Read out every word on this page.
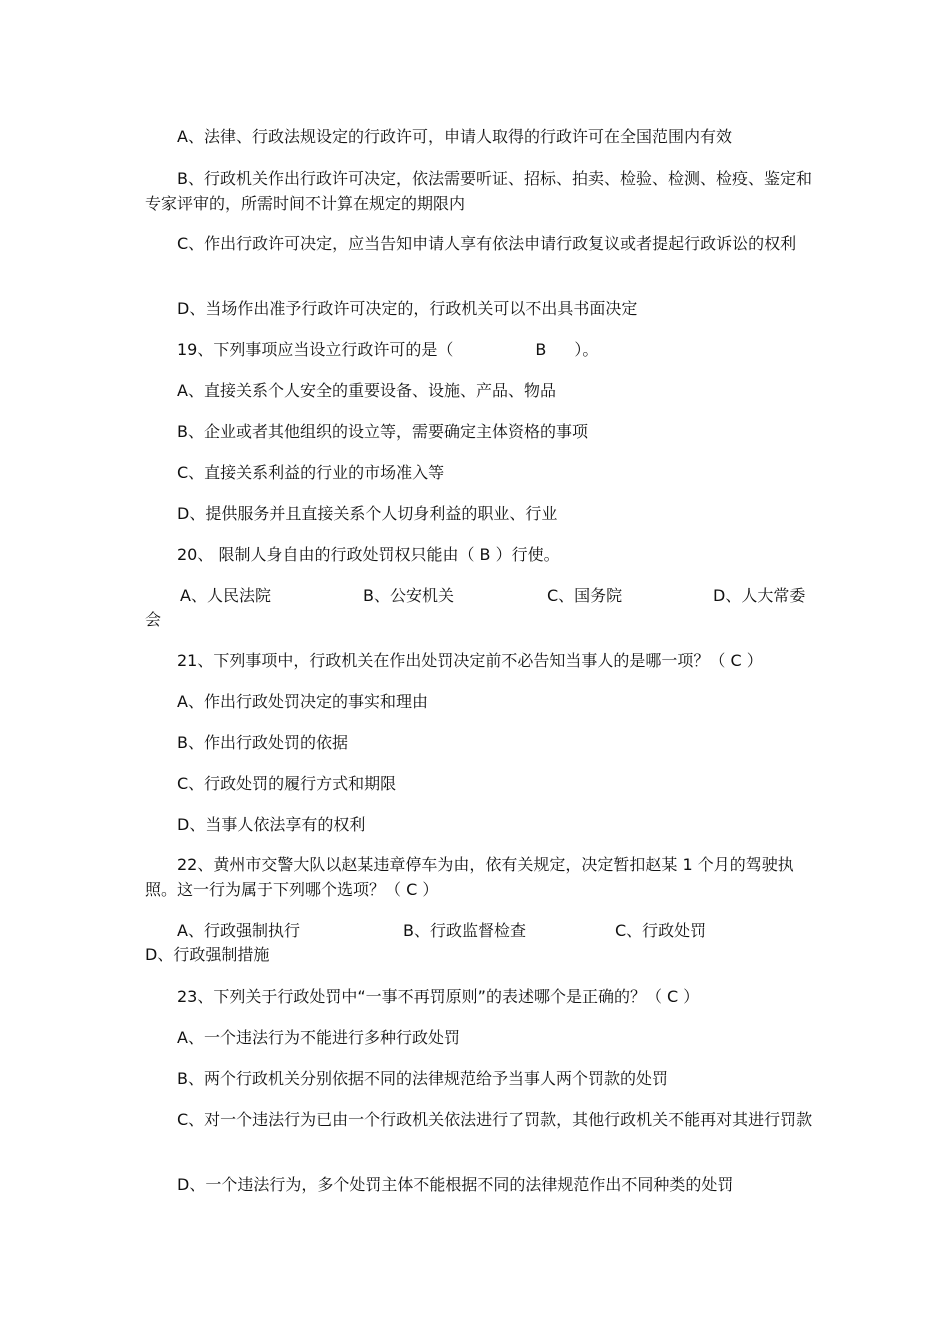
A、法律、行政法规设定的行政许可，申请人取得的行政许可在全国范围内有效

B、行政机关作出行政许可决定，依法需要听证、招标、拍卖、检验、检测、检疫、鉴定和专家评审的，所需时间不计算在规定的期限内

C、作出行政许可决定，应当告知申请人享有依法申请行政复议或者提起行政诉讼的权利

D、当场作出准予行政许可决定的，行政机关可以不出具书面决定

19、下列事项应当设立行政许可的是（	B ）。

A、直接关系个人安全的重要设备、设施、产品、物品

B、企业或者其他组织的设立等，需要确定主体资格的事项

C、直接关系利益的行业的市场准入等

D、提供服务并且直接关系个人切身利益的职业、行业

20、 限制人身自由的行政处罚权只能由（ B ）行使。

A、人民法院	B、公安机关	C、国务院	D、人大常委

会

21、下列事项中，行政机关在作出处罚决定前不必告知当事人的是哪一项？（ C ）

A、作出行政处罚决定的事实和理由

B、作出行政处罚的依据

C、行政处罚的履行方式和期限

D、当事人依法享有的权利

22、黄州市交警大队以赵某违章停车为由，依有关规定，决定暂扣赵某 1 个月的驾驶执照。这一行为属于下列哪个选项？（ C ）

A、行政强制执行	B、行政监督检查	C、行政处罚

D、行政强制措施

23、下列关于行政处罚中“一事不再罚原则”的表述哪个是正确的？（ C ）

A、一个违法行为不能进行多种行政处罚

B、两个行政机关分别依据不同的法律规范给予当事人两个罚款的处罚

C、对一个违法行为已由一个行政机关依法进行了罚款，其他行政机关不能再对其进行罚款

D、一个违法行为，多个处罚主体不能根据不同的法律规范作出不同种类的处罚
